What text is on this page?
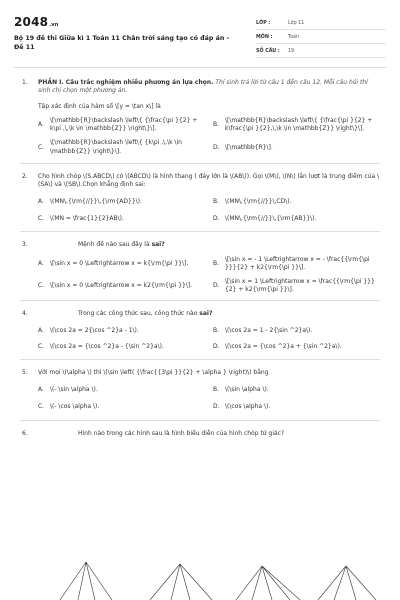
2048.vn
Bộ 19 đề thi Giữa kì 1 Toán 11 Chân trời sáng tạo có đáp án - Đề 11
LỚP :	Lớp 11
MÔN :	Toán
SỐ CÂU :	19
1. PHẦN I. Câu trắc nghiệm nhiều phương án lựa chọn. Thí sinh trả lời từ câu 1 đến câu 12. Mỗi câu hỏi thí sinh chỉ chọn một phương án.
Tập xác định của hàm số \[y = \tan x\] là
A.
\[\mathbb{R}\backslash \left\{ {\frac{\pi }{2} + k\pi ,\,\k \in \mathbb{Z}} \right\}\].
B.
\[\mathbb{R}\backslash \left\{ {\frac{\pi }{2} + k\frac{\pi }{2},\,\k \in \mathbb{Z}} \right\}\].
C.
\[\mathbb{R}\backslash \left\{ {k\pi ,\,\k \in \mathbb{Z}} \right\}\].
D. \[\mathbb{R}\].
2. Cho hình chóp \(S.ABCD\) có \(ABCD\) là hình thang ( đáy lớn là \(AB\)). Gọi \(M\), \(N\) lần lượt là trung điểm của \(SA\) và \(SB\).Chọn khẳng định sai:
A.	\(MN\,{\rm{//}}\,{\rm{AD}}\).	B. \(MN\,{\rm{//}}\,CD\).
C. \(MN = \frac{1}{2}AB\).	D. \(MN\,{\rm{//}}\,{\rm{AB}}\).
3.	Mệnh đề nào sau đây là sai?
A.	\[\sin x = 0 \Leftrightarrow x = k{\rm{\pi }}\].	B.
\[\sin x = - 1 \Leftrightarrow x = - \frac{{\rm{\pi }}}{2} + k2{\rm{\pi }}\].
C. \[\sin x = 0 \Leftrightarrow x = k2{\rm{\pi }}\].	D.
\[\sin x = 1 \Leftrightarrow x = \frac{{\rm{\pi }}}{2} + k2{\rm{\pi }}\].
4.	Trong các công thức sau, công thức nào sai?
A.	\(\cos 2a = 2{\cos ^2}a - 1\).	B. \(\cos 2a = 1 - 2{\sin ^2}a\).
C. \(\cos 2a = {\cos ^2}a - {\sin ^2}a\).	D. \(\cos 2a = {\cos ^2}a + {\sin ^2}a\).
5. Với mọi \(\alpha \) thì \(\sin \left( {\frac{{3\pi }}{2} + \alpha } \right)\) bằng
A.	\(- \sin \alpha \).	B. \(\sin \alpha \).
C. \(- \cos \alpha \).	D. \(\cos \alpha \).
6.	Hình nào trong các hình sau là hình biểu diễn của hình chóp tứ giác?
